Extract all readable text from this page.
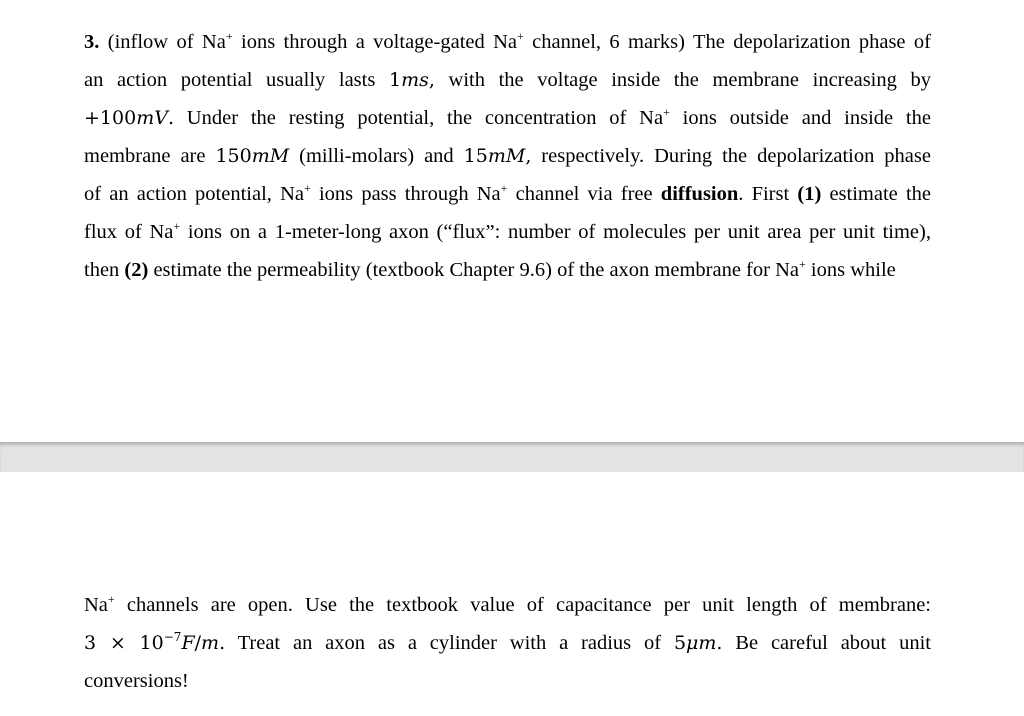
3. (inflow of Na+ ions through a voltage-gated Na+ channel, 6 marks) The depolarization phase of
an action potential usually lasts 1ms, with the voltage inside the membrane increasing by
+100mV. Under the resting potential, the concentration of Na+ ions outside and inside the
membrane are 150mM (milli-molars) and 15mM, respectively. During the depolarization phase
of an action potential, Na+ ions pass through Na+ channel via free diffusion. First (1) estimate the
flux of Na+ ions on a 1-meter-long axon (“flux”: number of molecules per unit area per unit time),
then (2) estimate the permeability (textbook Chapter 9.6) of the axon membrane for Na+ ions while

Na+ channels are open. Use the textbook value of capacitance per unit length of membrane:
$3 \times 10^{-7}F/m$. Treat an axon as a cylinder with a radius of 5μm. Be careful about unit
conversions!
